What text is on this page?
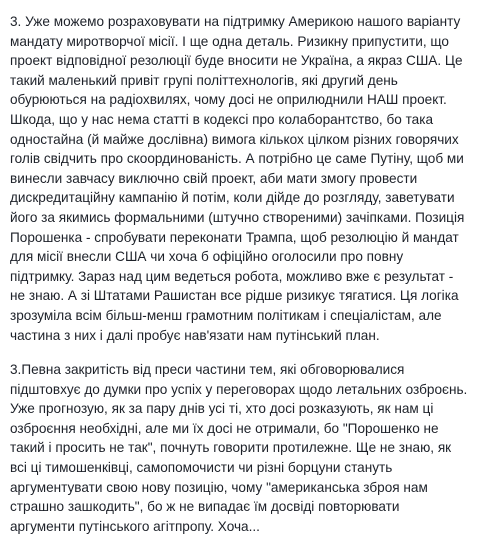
3. Уже можемо розраховувати на підтримку Америкою нашого варіанту
мандату миротворчої місії. І ще одна деталь. Ризикну припустити, що
проект відповідної резолюції буде вносити не Україна, а якраз США. Це
такий маленький привіт групі політтехнологів, які другий день
обурюються на радіохвилях, чому досі не оприлюднили НАШ проект.
Шкода, що у нас нема статті в кодексі про колаборантство, бо така
одностайна (й майже дослівна) вимога кількох цілком різних говорячих
голів свідчить про скоординованість. А потрібно це саме Путіну, щоб ми
винесли завчасу виключно свій проект, аби мати змогу провести
дискредитаційну кампанію й потім, коли дійде до розгляду, заветувати
його за якимись формальними (штучно створеними) зачіпками. Позиція
Порошенка - спробувати переконати Трампа, щоб резолюцію й мандат
для місії внесли США чи хоча б офіційно оголосили про повну
підтримку. Зараз над цим ведеться робота, можливо вже є результат -
не знаю. А зі Штатами Рашистан все рідше ризикує тягатися. Ця логіка
зрозуміла всім більш-менш грамотним політикам і спеціалістам, але
частина з них і далі пробує нав'язати нам путінський план.

3.Певна закритість від преси частини тем, які обговорювалися
підштовхує до думки про успіх у переговорах щодо летальних озброєнь.
Уже прогнозую, як за пару днів усі ті, хто досі розказують, як нам ці
озброєння необхідні, але ми їх досі не отримали, бо "Порошенко не
такий і просить не так", почнуть говорити протилежне. Ще не знаю, як
всі ці тимошенківці, самопомочисти чи різні борцуни стануть
аргументувати свою нову позицію, чому "американська зброя нам
страшно зашкодить", бо ж не випадає їм досвіді повторювати
аргументи путінського агітпропу. Хоча...
